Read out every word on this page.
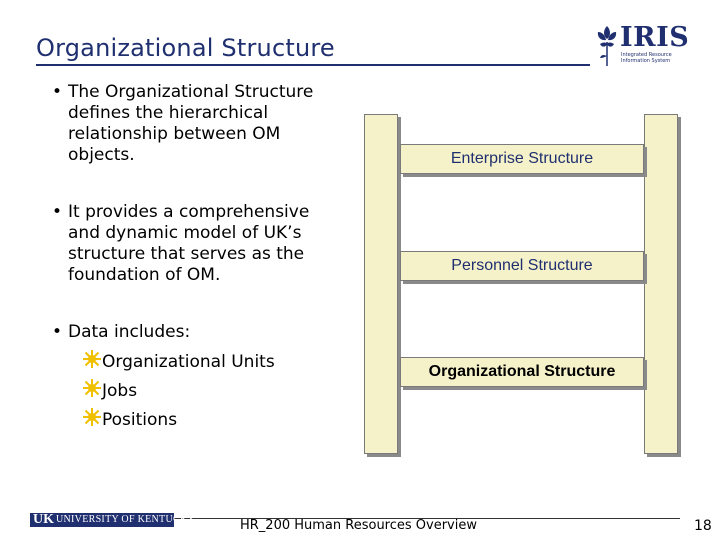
Organizational Structure	IRIS
Integrated Resource
Information System
• The Organizational Structure
defines the hierarchical
relationship between OM
objects.
• It provides a comprehensive
and dynamic model of UK’s
structure that serves as the
foundation of OM.
• Data includes:
Organizational Units
Jobs
Positions
Enterprise Structure
Personnel Structure
Organizational Structure
UK UNIVERSITY OF KENTUCKY	HR_200 Human Resources Overview	18
